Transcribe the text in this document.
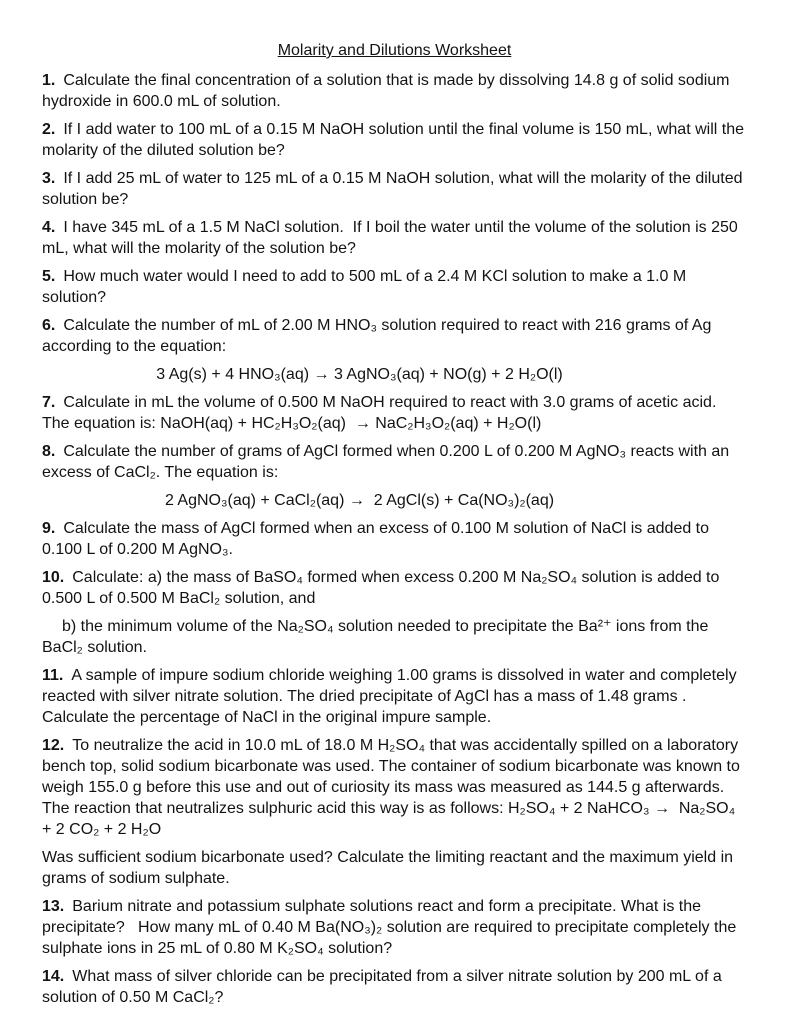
Molarity and Dilutions Worksheet

1. Calculate the final concentration of a solution that is made by dissolving 14.8 g of solid sodium hydroxide in 600.0 mL of solution.

2. If I add water to 100 mL of a 0.15 M NaOH solution until the final volume is 150 mL, what will the molarity of the diluted solution be?

3. If I add 25 mL of water to 125 mL of a 0.15 M NaOH solution, what will the molarity of the diluted solution be?

4. I have 345 mL of a 1.5 M NaCl solution.  If I boil the water until the volume of the solution is 250 mL, what will the molarity of the solution be?

5. How much water would I need to add to 500 mL of a 2.4 M KCl solution to make a 1.0 M solution?

6. Calculate the number of mL of 2.00 M HNO₃ solution required to react with 216 grams of Ag according to the equation:

3 Ag(s) + 4 HNO₃(aq) → 3 AgNO₃(aq) + NO(g) + 2 H₂O(l)

7. Calculate in mL the volume of 0.500 M NaOH required to react with 3.0 grams of acetic acid. The equation is: NaOH(aq) + HC₂H₃O₂(aq)  → NaC₂H₃O₂(aq) + H₂O(l)

8. Calculate the number of grams of AgCl formed when 0.200 L of 0.200 M AgNO₃ reacts with an excess of CaCl₂. The equation is:

2 AgNO₃(aq) + CaCl₂(aq) →  2 AgCl(s) + Ca(NO₃)₂(aq)

9. Calculate the mass of AgCl formed when an excess of 0.100 M solution of NaCl is added to 0.100 L of 0.200 M AgNO₃.

10. Calculate: a) the mass of BaSO₄ formed when excess 0.200 M Na₂SO₄ solution is added to 0.500 L of 0.500 M BaCl₂ solution, and

b) the minimum volume of the Na₂SO₄ solution needed to precipitate the Ba²⁺ ions from the BaCl₂ solution.

11. A sample of impure sodium chloride weighing 1.00 grams is dissolved in water and completely reacted with silver nitrate solution. The dried precipitate of AgCl has a mass of 1.48 grams . Calculate the percentage of NaCl in the original impure sample.

12. To neutralize the acid in 10.0 mL of 18.0 M H₂SO₄ that was accidentally spilled on a laboratory bench top, solid sodium bicarbonate was used. The container of sodium bicarbonate was known to weigh 155.0 g before this use and out of curiosity its mass was measured as 144.5 g afterwards. The reaction that neutralizes sulphuric acid this way is as follows: H₂SO₄ + 2 NaHCO₃ →  Na₂SO₄ + 2 CO₂ + 2 H₂O

Was sufficient sodium bicarbonate used? Calculate the limiting reactant and the maximum yield in grams of sodium sulphate.

13. Barium nitrate and potassium sulphate solutions react and form a precipitate. What is the precipitate?   How many mL of 0.40 M Ba(NO₃)₂ solution are required to precipitate completely the sulphate ions in 25 mL of 0.80 M K₂SO₄ solution?

14. What mass of silver chloride can be precipitated from a silver nitrate solution by 200 mL of a solution of 0.50 M CaCl₂?
